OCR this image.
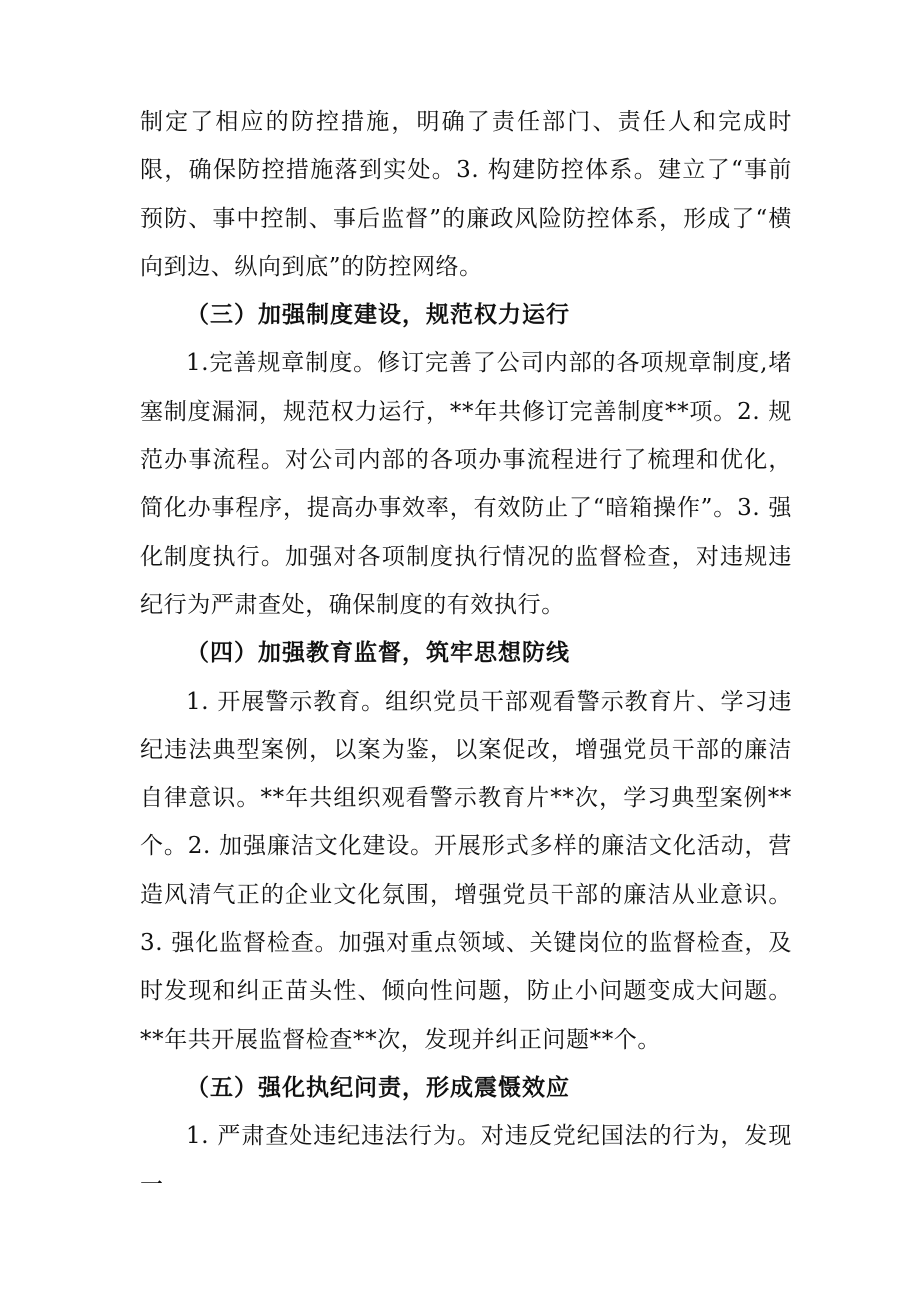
制定了相应的防控措施，明确了责任部门、责任人和完成时限，确保防控措施落到实处。3. 构建防控体系。建立了“事前预防、事中控制、事后监督”的廉政风险防控体系，形成了“横向到边、纵向到底”的防控网络。

（三）加强制度建设，规范权力运行

1.完善规章制度。修订完善了公司内部的各项规章制度,堵塞制度漏洞，规范权力运行，**年共修订完善制度**项。2. 规范办事流程。对公司内部的各项办事流程进行了梳理和优化，简化办事程序，提高办事效率，有效防止了“暗箱操作”。3. 强化制度执行。加强对各项制度执行情况的监督检查，对违规违纪行为严肃查处，确保制度的有效执行。

（四）加强教育监督，筑牢思想防线

1. 开展警示教育。组织党员干部观看警示教育片、学习违纪违法典型案例，以案为鉴，以案促改，增强党员干部的廉洁自律意识。**年共组织观看警示教育片**次，学习典型案例**个。2. 加强廉洁文化建设。开展形式多样的廉洁文化活动，营造风清气正的企业文化氛围，增强党员干部的廉洁从业意识。3. 强化监督检查。加强对重点领域、关键岗位的监督检查，及时发现和纠正苗头性、倾向性问题，防止小问题变成大问题。**年共开展监督检查**次，发现并纠正问题**个。

（五）强化执纪问责，形成震慑效应

1. 严肃查处违纪违法行为。对违反党纪国法的行为，发现一
